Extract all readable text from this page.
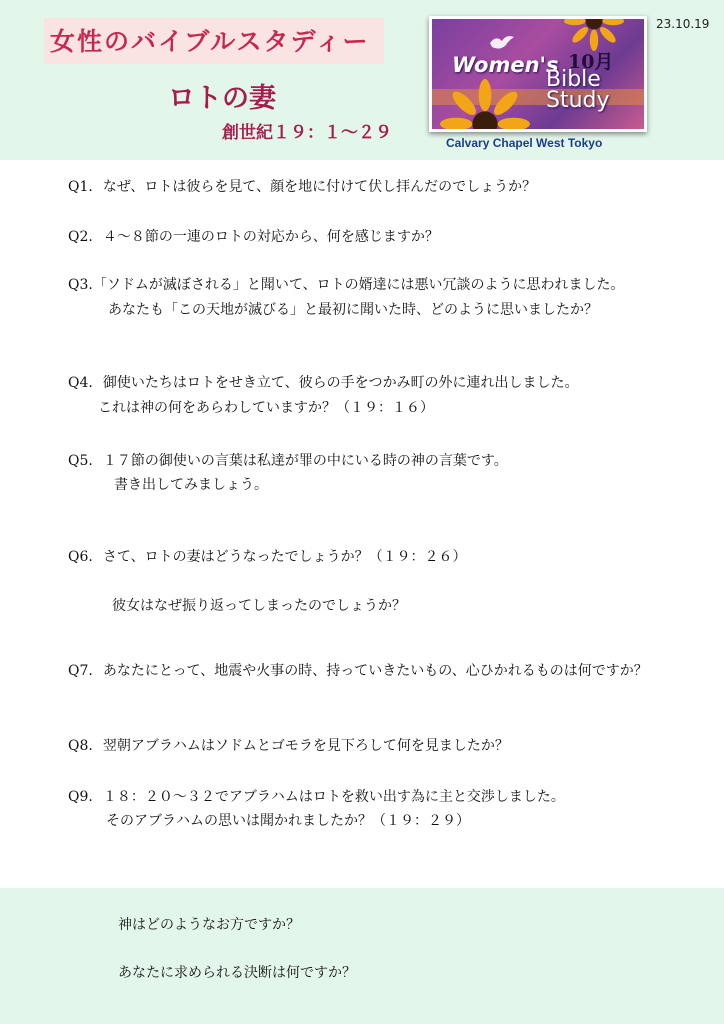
女性のバイブルスタディー
ロトの妻
創世紀１９：１〜２９
23.10.19
Women's 10月
Bible
Study
Calvary Chapel West Tokyo
Q1. なぜ、ロトは彼らを見て、顔を地に付けて伏し拝んだのでしょうか？
Q2. ４〜８節の一連のロトの対応から、何を感じますか？
Q3.「ソドムが滅ぼされる」と聞いて、ロトの婿達には悪い冗談のように思われました。
あなたも「この天地が滅びる」と最初に聞いた時、どのように思いましたか？
Q4. 御使いたちはロトをせき立て、彼らの手をつかみ町の外に連れ出しました。
これは神の何をあらわしていますか？（１９：１６）
Q5. １７節の御使いの言葉は私達が罪の中にいる時の神の言葉です。
書き出してみましょう。
Q6. さて、ロトの妻はどうなったでしょうか？（１９：２６）
彼女はなぜ振り返ってしまったのでしょうか？
Q7. あなたにとって、地震や火事の時、持っていきたいもの、心ひかれるものは何ですか？
Q8. 翌朝アブラハムはソドムとゴモラを見下ろして何を見ましたか？
Q9. １８：２０〜３２でアブラハムはロトを救い出す為に主と交渉しました。
そのアブラハムの思いは聞かれましたか？（１９：２９）
神はどのようなお方ですか？
あなたに求められる決断は何ですか？
